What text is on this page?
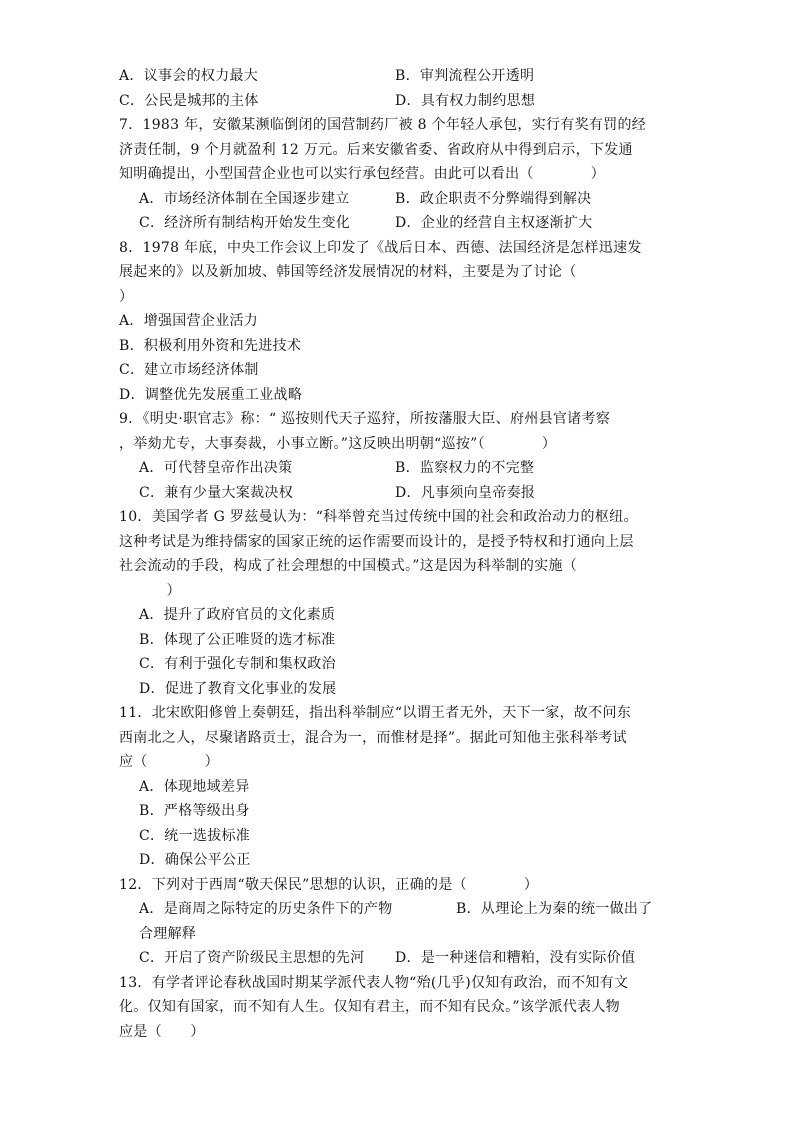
A．议事会的权力最大	B．审判流程公开透明
C．公民是城邦的主体	D．具有权力制约思想
7．1983 年，安徽某濒临倒闭的国营制药厂被 8 个年轻人承包，实行有奖有罚的经
济责任制，9 个月就盈利 12 万元。后来安徽省委、省政府从中得到启示，下发通
知明确提出，小型国营企业也可以实行承包经营。由此可以看出（            ）
A．市场经济体制在全国逐步建立	B．政企职责不分弊端得到解决
C．经济所有制结构开始发生变化	D．企业的经营自主权逐渐扩大
8．1978 年底，中央工作会议上印发了《战后日本、西德、法国经济是怎样迅速发
展起来的》以及新加坡、韩国等经济发展情况的材料，主要是为了讨论（
）
A．增强国营企业活力
B．积极利用外资和先进技术
C．建立市场经济体制
D．调整优先发展重工业战略
9．《明史·职官志》称：“ 巡按则代天子巡狩，所按藩服大臣、府州县官诸考察
，举劾尤专，大事奏裁，小事立断。”这反映出明朝“巡按”（            ）
A．可代替皇帝作出决策	B．监察权力的不完整
C．兼有少量大案裁决权	D．凡事须向皇帝奏报
10．美国学者 G 罗兹曼认为：“科举曾充当过传统中国的社会和政治动力的枢纽。
这种考试是为维持儒家的国家正统的运作需要而设计的，是授予特权和打通向上层
社会流动的手段，构成了社会理想的中国模式。”这是因为科举制的实施（
）
A．提升了政府官员的文化素质
B．体现了公正唯贤的选才标准
C．有利于强化专制和集权政治
D．促进了教育文化事业的发展
11．北宋欧阳修曾上奏朝廷，指出科举制应“以谓王者无外，天下一家，故不问东
西南北之人，尽聚诸路贡士，混合为一，而惟材是择”。据此可知他主张科举考试
应（            ）
A．体现地域差异
B．严格等级出身
C．统一选拔标准
D．确保公平公正
12．下列对于西周“敬天保民”思想的认识，正确的是（            ）
A．是商周之际特定的历史条件下的产物	B．从理论上为秦的统一做出了
合理解释
C．开启了资产阶级民主思想的先河 D．是一种迷信和糟粕，没有实际价值
13．有学者评论春秋战国时期某学派代表人物“殆(几乎)仅知有政治，而不知有文
化。仅知有国家，而不知有人生。仅知有君主，而不知有民众。”该学派代表人物
应是（      ）
